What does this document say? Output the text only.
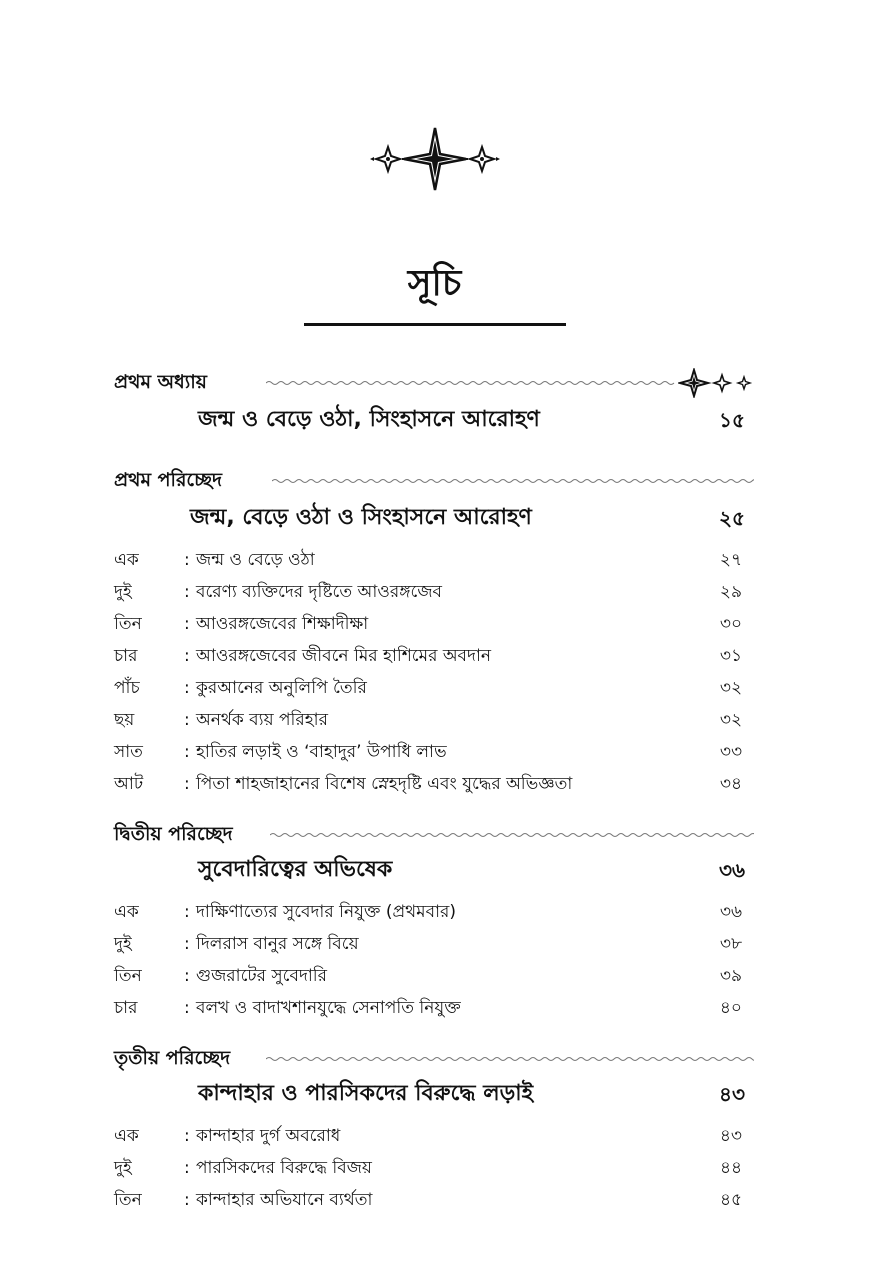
সূচি
প্রথম অধ্যায়
জন্ম ও বেড়ে ওঠা, সিংহাসনে আরোহণ	১৫
প্রথম পরিচ্ছেদ
জন্ম, বেড়ে ওঠা ও সিংহাসনে আরোহণ	২৫
এক	: জন্ম ও বেড়ে ওঠা	২৭
দুই	: বরেণ্য ব্যক্তিদের দৃষ্টিতে আওরঙ্গজেব	২৯
তিন : আওরঙ্গজেবের শিক্ষাদীক্ষা	৩০
চার	: আওরঙ্গজেবের জীবনে মির হাশিমের অবদান	৩১
পাঁচ	: কুরআনের অনুলিপি তৈরি	৩২
ছয়	: অনর্থক ব্যয় পরিহার	৩২
সাত : হাতির লড়াই ও ‘বাহাদুর’ উপাধি লাভ	৩৩
আট : পিতা শাহজাহানের বিশেষ স্নেহদৃষ্টি এবং যুদ্ধের অভিজ্ঞতা	৩৪
দ্বিতীয় পরিচ্ছেদ
সুবেদারিত্বের অভিষেক	৩৬
এক	: দাক্ষিণাত্যের সুবেদার নিযুক্ত (প্রথমবার)	৩৬
দুই	: দিলরাস বানুর সঙ্গে বিয়ে	৩৮
তিন : গুজরাটের সুবেদারি	৩৯
চার	: বলখ ও বাদাখশানযুদ্ধে সেনাপতি নিযুক্ত	৪০
তৃতীয় পরিচ্ছেদ
কান্দাহার ও পারসিকদের বিরুদ্ধে লড়াই	৪৩
এক	: কান্দাহার দুর্গ অবরোধ	৪৩
দুই	: পারসিকদের বিরুদ্ধে বিজয়	৪৪
তিন : কান্দাহার অভিযানে ব্যর্থতা	৪৫
